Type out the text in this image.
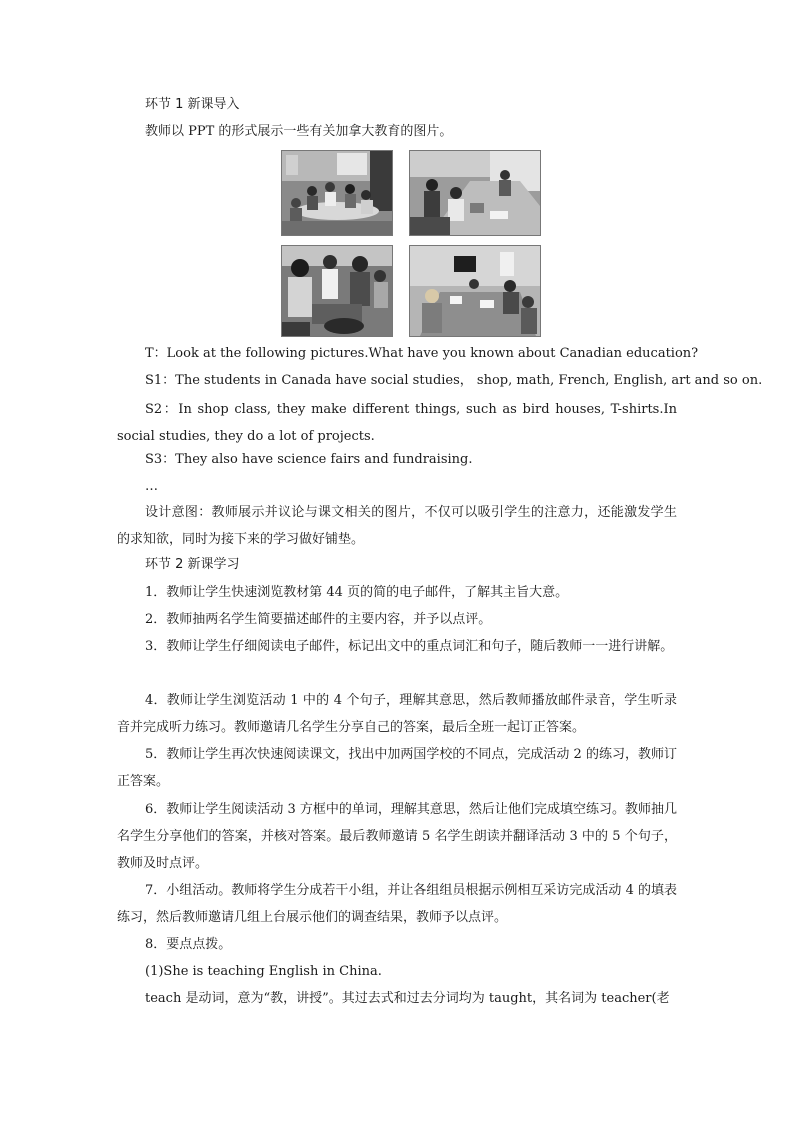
环节 1 新课导入
教师以 PPT 的形式展示一些有关加拿大教育的图片。
T：Look at the following pictures.What have you known about Canadian education?
S1：The students in Canada have social studies， shop, math, French, English, art and so on.
S2：In shop class, they make different things, such as bird houses, T-shirts.In social studies, they do a lot of projects.
S3：They also have science fairs and fundraising.
…
设计意图：教师展示并议论与课文相关的图片，不仅可以吸引学生的注意力，还能激发学生的求知欲，同时为接下来的学习做好铺垫。
环节 2 新课学习
1．教师让学生快速浏览教材第 44 页的简的电子邮件，了解其主旨大意。
2．教师抽两名学生简要描述邮件的主要内容，并予以点评。
3．教师让学生仔细阅读电子邮件，标记出文中的重点词汇和句子，随后教师一一进行讲解。
4．教师让学生浏览活动 1 中的 4 个句子，理解其意思，然后教师播放邮件录音，学生听录音并完成听力练习。教师邀请几名学生分享自己的答案，最后全班一起订正答案。
5．教师让学生再次快速阅读课文，找出中加两国学校的不同点，完成活动 2 的练习，教师订正答案。
6．教师让学生阅读活动 3 方框中的单词，理解其意思，然后让他们完成填空练习。教师抽几名学生分享他们的答案，并核对答案。最后教师邀请 5 名学生朗读并翻译活动 3 中的 5 个句子，教师及时点评。
7．小组活动。教师将学生分成若干小组，并让各组组员根据示例相互采访完成活动 4 的填表练习，然后教师邀请几组上台展示他们的调查结果，教师予以点评。
8．要点点拨。
(1)She is teaching English in China.
teach 是动词，意为“教，讲授”。其过去式和过去分词均为 taught，其名词为 teacher(老
